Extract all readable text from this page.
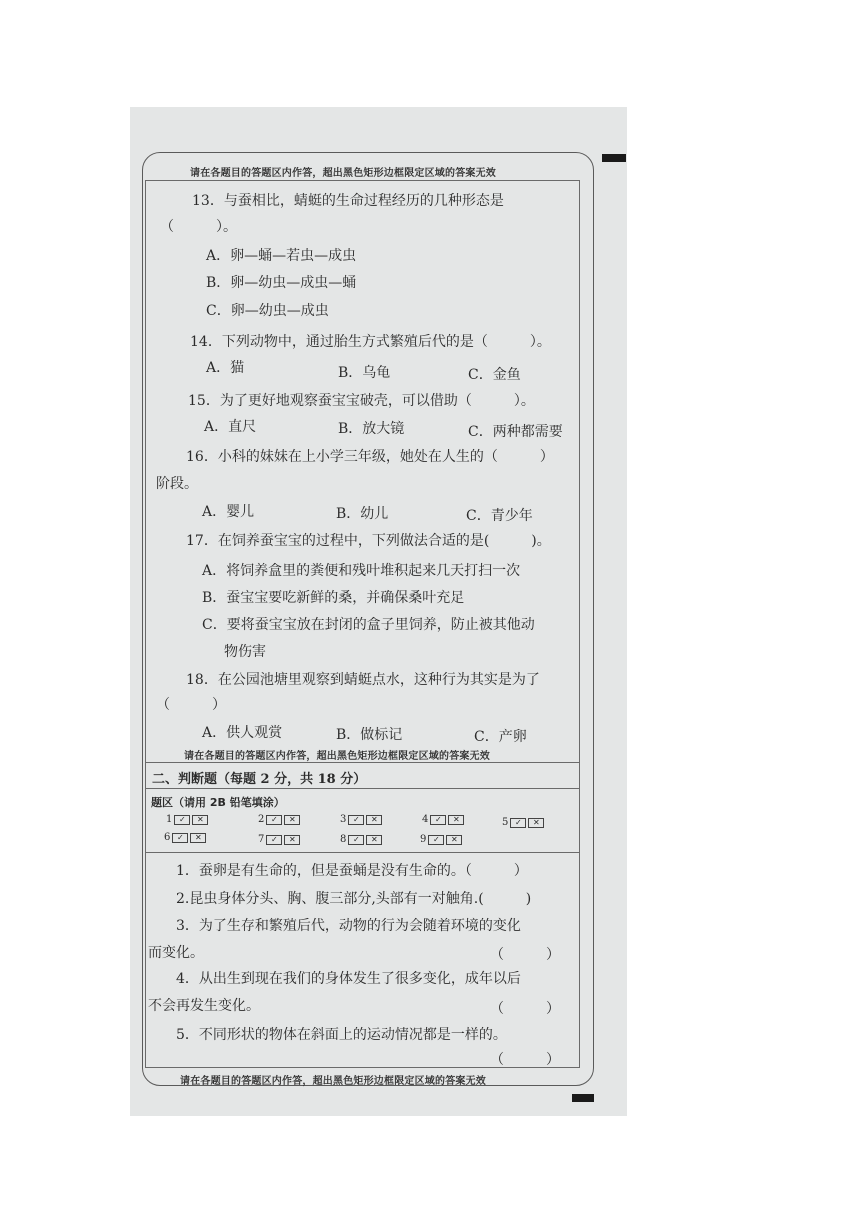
请在各题目的答题区内作答，超出黑色矩形边框限定区域的答案无效
13．与蚕相比，蜻蜓的生命过程经历的几种形态是
（　　　）。
A．卵—蛹—若虫—成虫
B．卵—幼虫—成虫—蛹
C．卵—幼虫—成虫
14．下列动物中，通过胎生方式繁殖后代的是（　　　）。
A．猫	B．乌龟	C．金鱼
15．为了更好地观察蚕宝宝破壳，可以借助（　　　）。
A．直尺	B．放大镜	C．两种都需要
16．小科的妹妹在上小学三年级，她处在人生的（　　　）
阶段。
A．婴儿	B．幼儿	C．青少年
17．在饲养蚕宝宝的过程中，下列做法合适的是(　　　)。
A．将饲养盒里的粪便和残叶堆积起来几天打扫一次
B．蚕宝宝要吃新鲜的桑，并确保桑叶充足
C．要将蚕宝宝放在封闭的盒子里饲养，防止被其他动
物伤害
18．在公园池塘里观察到蜻蜓点水，这种行为其实是为了
（　　　）
A．供人观赏	B．做标记	C．产卵
请在各题目的答题区内作答，超出黑色矩形边框限定区域的答案无效
二、判断题（每题 2 分，共 18 分）
题区（请用 2B 铅笔填涂）
1 ✓	✕	2 ✓	✕	3 ✓	✕	4 ✓	✕	5 ✓	✕
6 ✓	✕	7 ✓	✕	8 ✓	✕	9 ✓	✕
1．蚕卵是有生命的，但是蚕蛹是没有生命的。（　　　）
2.昆虫身体分头、胸、腹三部分,头部有一对触角.(　　　)
3．为了生存和繁殖后代，动物的行为会随着环境的变化
而变化。	（　　　）
4．从出生到现在我们的身体发生了很多变化，成年以后
不会再发生变化。	（　　　）
5．不同形状的物体在斜面上的运动情况都是一样的。
（　　　）
请在各题目的答题区内作答，超出黑色矩形边框限定区域的答案无效
